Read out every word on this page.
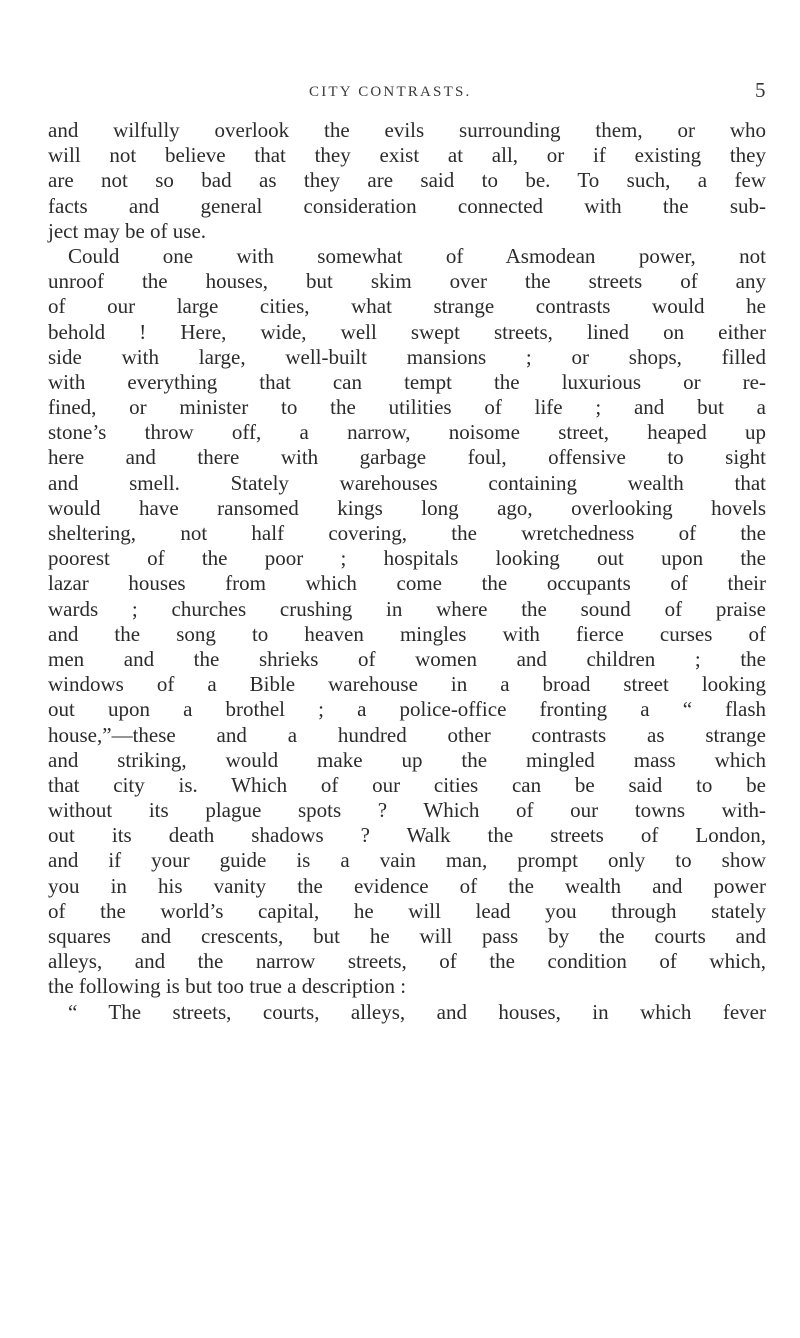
CITY CONTRASTS.	5
and wilfully overlook the evils surrounding them, or who
will not believe that they exist at all, or if existing they
are not so bad as they are said to be. To such, a few
facts and general consideration connected with the sub-
ject may be of use.
Could one with somewhat of Asmodean power, not
unroof the houses, but skim over the streets of any
of our large cities, what strange contrasts would he
behold ! Here, wide, well swept streets, lined on either
side with large, well-built mansions ; or shops, filled
with everything that can tempt the luxurious or re-
fined, or minister to the utilities of life ; and but a
stone’s throw off, a narrow, noisome street, heaped up
here and there with garbage foul, offensive to sight
and smell. Stately warehouses containing wealth that
would have ransomed kings long ago, overlooking hovels
sheltering, not half covering, the wretchedness of the
poorest of the poor ; hospitals looking out upon the
lazar houses from which come the occupants of their
wards ; churches crushing in where the sound of praise
and the song to heaven mingles with fierce curses of
men and the shrieks of women and children ; the
windows of a Bible warehouse in a broad street looking
out upon a brothel ; a police-office fronting a “ flash
house,”—these and a hundred other contrasts as strange
and striking, would make up the mingled mass which
that city is. Which of our cities can be said to be
without its plague spots ? Which of our towns with-
out its death shadows ? Walk the streets of London,
and if your guide is a vain man, prompt only to show
you in his vanity the evidence of the wealth and power
of the world’s capital, he will lead you through stately
squares and crescents, but he will pass by the courts and
alleys, and the narrow streets, of the condition of which,
the following is but too true a description :
“ The streets, courts, alleys, and houses, in which fever
